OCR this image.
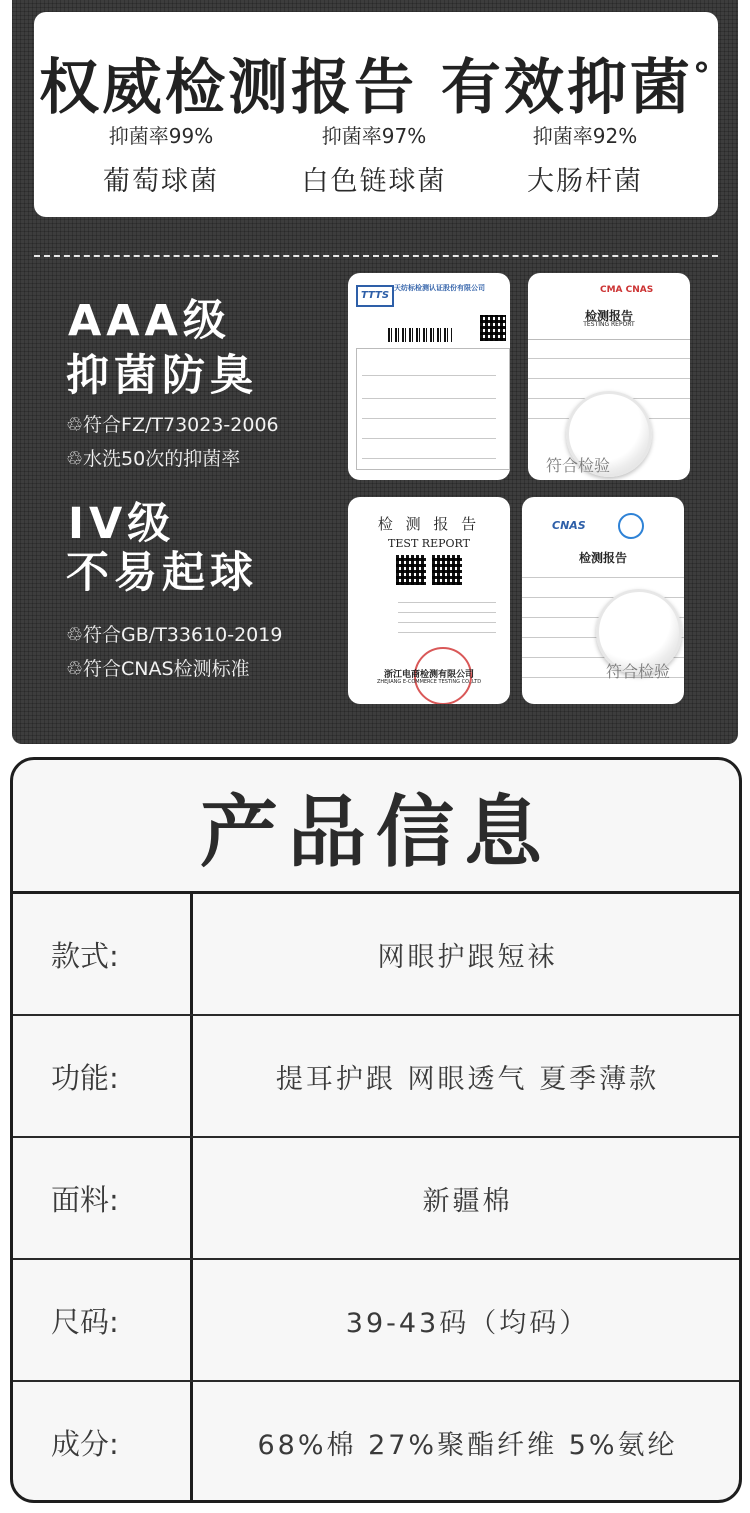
权威检测报告 有效抑菌°
抑菌率99%
葡萄球菌
抑菌率97%
白色链球菌
抑菌率92%
大肠杆菌
AAA级
抑菌防臭
♲符合FZ/T73023-2006
♲水洗50次的抑菌率
IV级
不易起球
♲符合GB/T33610-2019
♲符合CNAS检测标准
TTTS
天纺标检测认证股份有限公司	CMA CNAS
检测报告
TESTING REPORT
符合检验
检 测 报 告
TEST REPORT
浙江电商检测有限公司
ZHEJIANG E-COMMERCE TESTING CO.,LTD
CNAS
检测报告
符合检验
产品信息
款式:	网眼护跟短袜
功能:	提耳护跟 网眼透气 夏季薄款
面料:	新疆棉
尺码:	39-43码（均码）
成分:	68%棉 27%聚酯纤维 5%氨纶
